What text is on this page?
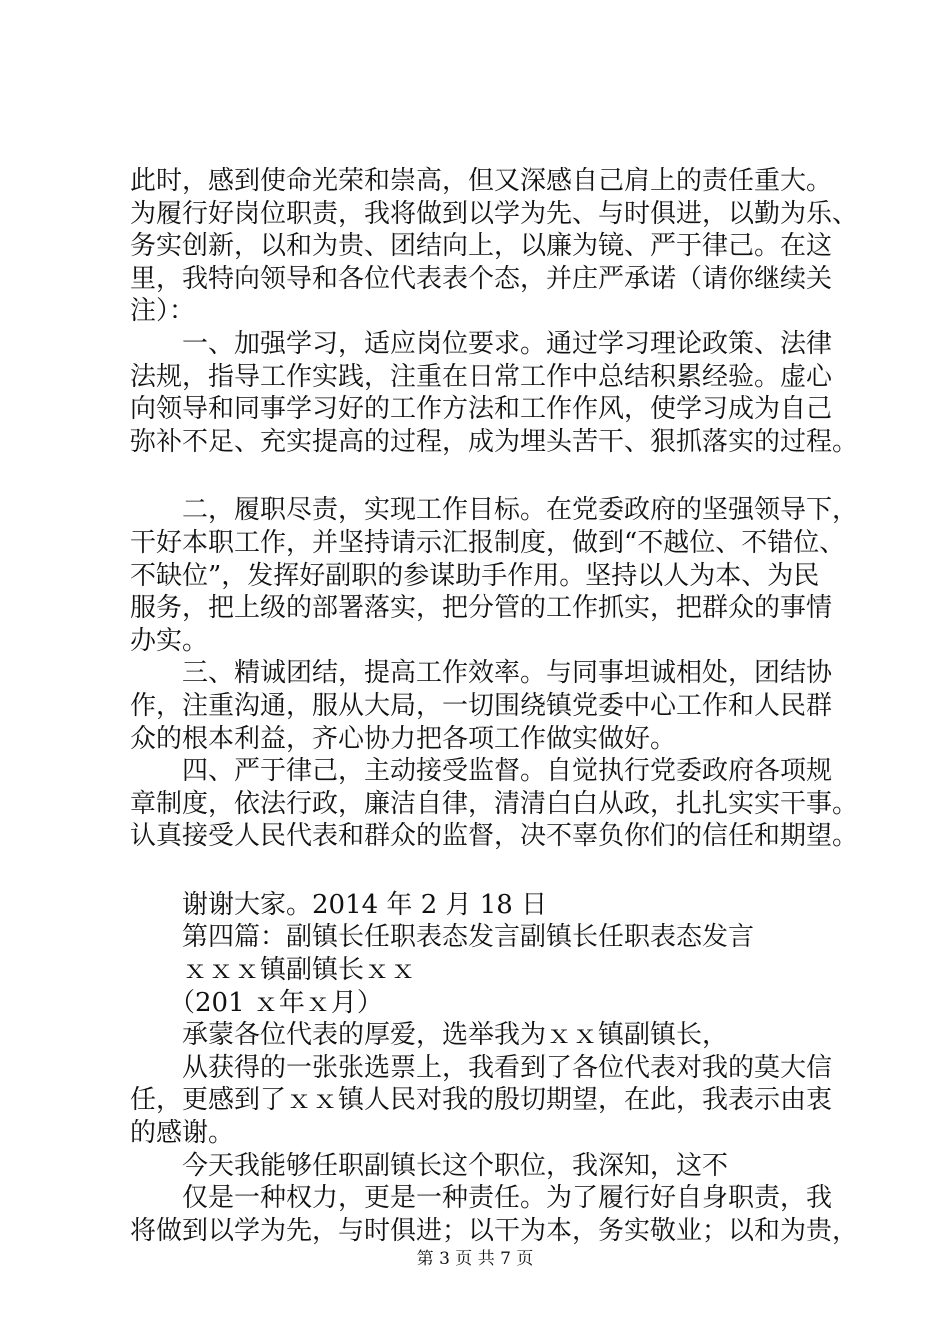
此时，感到使命光荣和崇高，但又深感自己肩上的责任重大。
为履行好岗位职责，我将做到以学为先、与时俱进，以勤为乐、
务实创新，以和为贵、团结向上，以廉为镜、严于律己。在这
里，我特向领导和各位代表表个态，并庄严承诺（请你继续关
注）：
　　一、加强学习，适应岗位要求。通过学习理论政策、法律
法规，指导工作实践，注重在日常工作中总结积累经验。虚心
向领导和同事学习好的工作方法和工作作风，使学习成为自己
弥补不足、充实提高的过程，成为埋头苦干、狠抓落实的过程。
　　二，履职尽责，实现工作目标。在党委政府的坚强领导下，
干好本职工作，并坚持请示汇报制度，做到“不越位、不错位、
不缺位”，发挥好副职的参谋助手作用。坚持以人为本、为民
服务，把上级的部署落实，把分管的工作抓实，把群众的事情
办实。
　　三、精诚团结，提高工作效率。与同事坦诚相处，团结协
作，注重沟通，服从大局，一切围绕镇党委中心工作和人民群
众的根本利益，齐心协力把各项工作做实做好。
　　四、严于律己，主动接受监督。自觉执行党委政府各项规
章制度，依法行政，廉洁自律，清清白白从政，扎扎实实干事。
认真接受人民代表和群众的监督，决不辜负你们的信任和期望。
　　谢谢大家。2014 年 2 月 18 日
　　第四篇：副镇长任职表态发言副镇长任职表态发言
　　ｘｘｘ镇副镇长ｘｘ
　　（201 ｘ年ｘ月）
　　承蒙各位代表的厚爱，选举我为ｘｘ镇副镇长，
　　从获得的一张张选票上，我看到了各位代表对我的莫大信
任，更感到了ｘｘ镇人民对我的殷切期望，在此，我表示由衷
的感谢。
　　今天我能够任职副镇长这个职位，我深知，这不
　　仅是一种权力，更是一种责任。为了履行好自身职责，我
将做到以学为先，与时俱进；以干为本，务实敬业；以和为贵，
第 3 页 共 7 页
